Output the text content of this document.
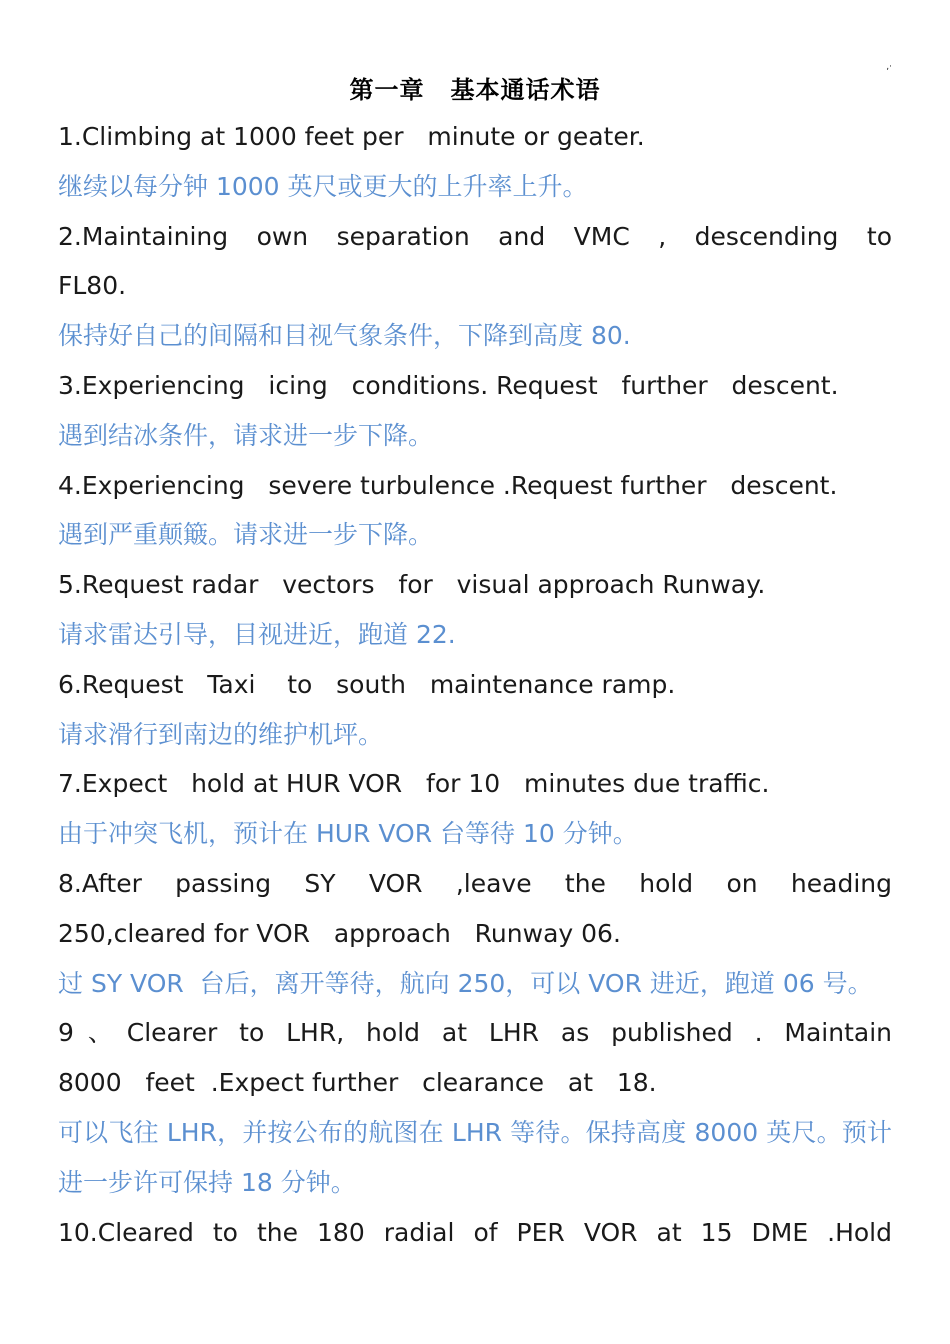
,·
第一章 基本通话术语
1.Climbing at 1000 feet per   minute or geater.
继续以每分钟 1000 英尺或更大的上升率上升。
2.Maintaining own separation and VMC , descending to
FL80.
保持好自己的间隔和目视气象条件，下降到高度 80.
3.Experiencing   icing   conditions. Request   further   descent.
遇到结冰条件，请求进一步下降。
4.Experiencing   severe turbulence .Request further   descent.
遇到严重颠簸。请求进一步下降。
5.Request radar   vectors   for   visual approach Runway.
请求雷达引导，目视进近，跑道 22.
6.Request   Taxi    to   south   maintenance ramp.
请求滑行到南边的维护机坪。
7.Expect   hold at HUR VOR   for 10   minutes due traffic.
由于冲突飞机，预计在 HUR VOR 台等待 10 分钟。
8.After passing SY VOR ,leave the hold on heading
250,cleared for VOR   approach   Runway 06.
过 SY VOR  台后，离开等待，航向 250，可以 VOR 进近，跑道 06 号。
9、Clearer to LHR, hold at LHR as published . Maintain
8000   feet  .Expect further   clearance   at   18.
可以飞往 LHR，并按公布的航图在 LHR 等待。保持高度 8000 英尺。预计
进一步许可保持 18 分钟。
10.Cleared to the 180 radial of PER VOR at 15 DME .Hold
